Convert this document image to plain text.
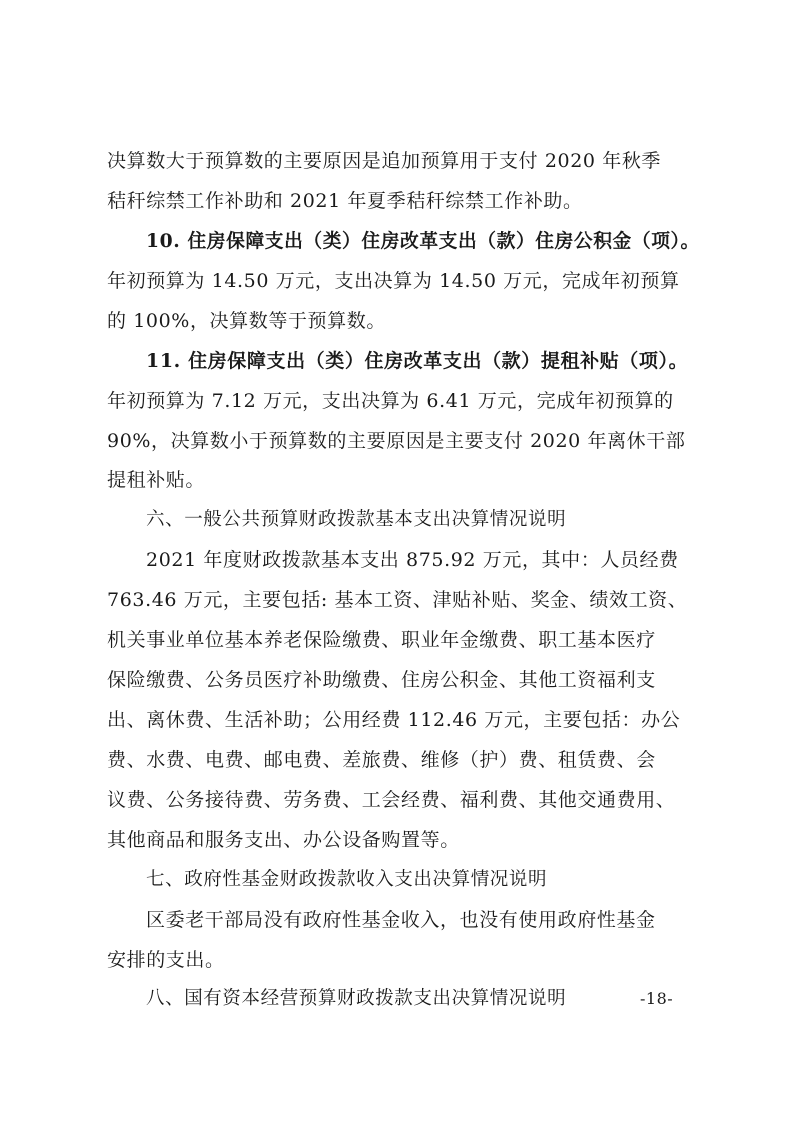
决算数大于预算数的主要原因是追加预算用于支付 2020 年秋季
秸秆综禁工作补助和 2021 年夏季秸秆综禁工作补助。
10. 住房保障支出（类）住房改革支出（款）住房公积金（项）。
年初预算为 14.50 万元，支出决算为 14.50 万元，完成年初预算
的 100%，决算数等于预算数。
11. 住房保障支出（类）住房改革支出（款）提租补贴（项）。
年初预算为 7.12 万元，支出决算为 6.41 万元，完成年初预算的
90%，决算数小于预算数的主要原因是主要支付 2020 年离休干部
提租补贴。
六、一般公共预算财政拨款基本支出决算情况说明
2021 年度财政拨款基本支出 875.92 万元，其中：人员经费
763.46 万元，主要包括: 基本工资、津贴补贴、奖金、绩效工资、
机关事业单位基本养老保险缴费、职业年金缴费、职工基本医疗
保险缴费、公务员医疗补助缴费、住房公积金、其他工资福利支
出、离休费、生活补助；公用经费 112.46 万元，主要包括：办公
费、水费、电费、邮电费、差旅费、维修（护）费、租赁费、会
议费、公务接待费、劳务费、工会经费、福利费、其他交通费用、
其他商品和服务支出、办公设备购置等。
七、政府性基金财政拨款收入支出决算情况说明
区委老干部局没有政府性基金收入，也没有使用政府性基金
安排的支出。
八、国有资本经营预算财政拨款支出决算情况说明	-18-
